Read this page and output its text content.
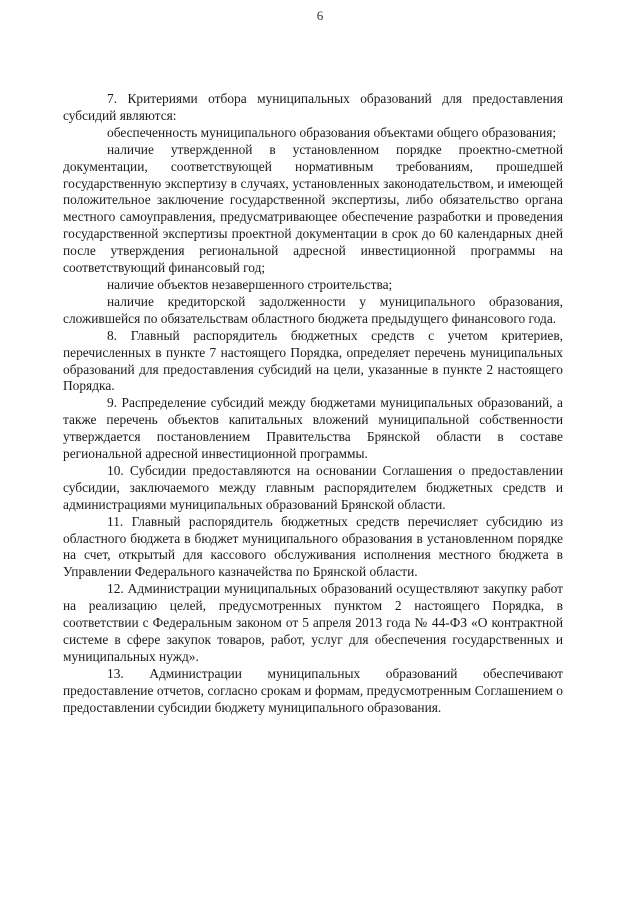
6

7. Критериями отбора муниципальных образований для предоставления субсидий являются:

обеспеченность муниципального образования объектами общего образования;

наличие утвержденной в установленном порядке проектно-сметной документации, соответствующей нормативным требованиям, прошедшей государственную экспертизу в случаях, установленных законодательством, и имеющей положительное заключение государственной экспертизы, либо обязательство органа местного самоуправления, предусматривающее обеспечение разработки и проведения государственной экспертизы проектной документации в срок до 60 календарных дней после утверждения региональной адресной инвестиционной программы на соответствующий финансовый год;

наличие объектов незавершенного строительства;

наличие кредиторской задолженности у муниципального образования, сложившейся по обязательствам областного бюджета предыдущего финансового года.

8. Главный распорядитель бюджетных средств с учетом критериев, перечисленных в пункте 7 настоящего Порядка, определяет перечень муниципальных образований для предоставления субсидий на цели, указанные в пункте 2 настоящего Порядка.

9. Распределение субсидий между бюджетами муниципальных образований, а также перечень объектов капитальных вложений муниципальной собственности утверждается постановлением Правительства Брянской области в составе региональной адресной инвестиционной программы.

10. Субсидии предоставляются на основании Соглашения о предоставлении субсидии, заключаемого между главным распорядителем бюджетных средств и администрациями муниципальных образований Брянской области.

11. Главный распорядитель бюджетных средств перечисляет субсидию из областного бюджета в бюджет муниципального образования в установленном порядке на счет, открытый для кассового обслуживания исполнения местного бюджета в Управлении Федерального казначейства по Брянской области.

12. Администрации муниципальных образований осуществляют закупку работ на реализацию целей, предусмотренных пунктом 2 настоящего Порядка, в соответствии с Федеральным законом от 5 апреля 2013 года № 44-ФЗ «О контрактной системе в сфере закупок товаров, работ, услуг для обеспечения государственных и муниципальных нужд».

13. Администрации муниципальных образований обеспечивают предоставление отчетов, согласно срокам и формам, предусмотренным Соглашением о предоставлении субсидии бюджету муниципального образования.
